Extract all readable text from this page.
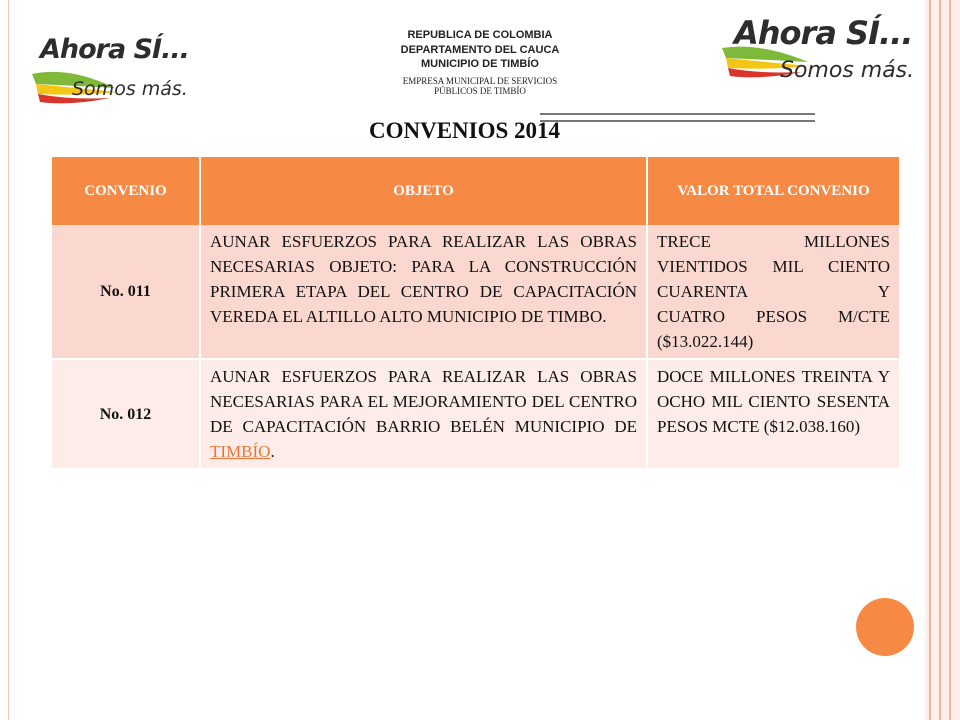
Ahora SÍ...
Somos más.
Ahora SÍ...
Somos más.
REPUBLICA DE COLOMBIA
DEPARTAMENTO DEL CAUCA
MUNICIPIO DE TIMBÍO
EMPRESA MUNICIPAL DE SERVICIOS
PÚBLICOS DE TIMBÍO
CONVENIOS 2014
CONVENIO	OBJETO	VALOR TOTAL CONVENIO
No. 011	AUNAR ESFUERZOS PARA REALIZAR LAS OBRAS NECESARIAS OBJETO: PARA LA CONSTRUCCIÓN PRIMERA ETAPA DEL CENTRO DE CAPACITACIÓN VEREDA EL ALTILLO ALTO MUNICIPIO DE TIMBO.	TRECE MILLONES VIENTIDOS MIL CIENTO CUARENTA Y
CUATRO PESOS M/CTE ($13.022.144)

No. 012	AUNAR ESFUERZOS PARA REALIZAR LAS OBRAS NECESARIAS PARA EL MEJORAMIENTO DEL CENTRO DE CAPACITACIÓN BARRIO BELÉN MUNICIPIO DE TIMBÍO.	DOCE MILLONES TREINTA Y OCHO MIL CIENTO SESENTA
PESOS MCTE ($12.038.160)
